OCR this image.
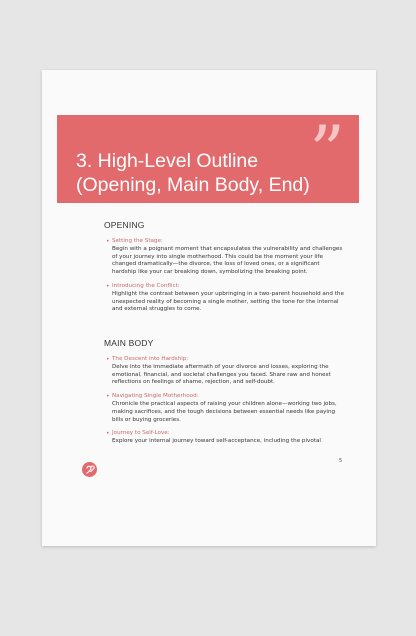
”
3. High-Level Outline
(Opening, Main Body, End)
OPENING
• Setting the Stage:
Begin with a poignant moment that encapsulates the vulnerability and challenges of your journey into single motherhood. This could be the moment your life changed dramatically—the divorce, the loss of loved ones, or a significant hardship like your car breaking down, symbolizing the breaking point.
• Introducing the Conflict:
Highlight the contrast between your upbringing in a two-parent household and the unexpected reality of becoming a single mother, setting the tone for the internal and external struggles to come.
MAIN BODY
• The Descent into Hardship:
Delve into the immediate aftermath of your divorce and losses, exploring the emotional, financial, and societal challenges you faced. Share raw and honest reflections on feelings of shame, rejection, and self-doubt.
• Navigating Single Motherhood:
Chronicle the practical aspects of raising your children alone—working two jobs, making sacrifices, and the tough decisions between essential needs like paying bills or buying groceries.
• Journey to Self-Love:
Explore your internal journey toward self-acceptance, including the pivotal
5
